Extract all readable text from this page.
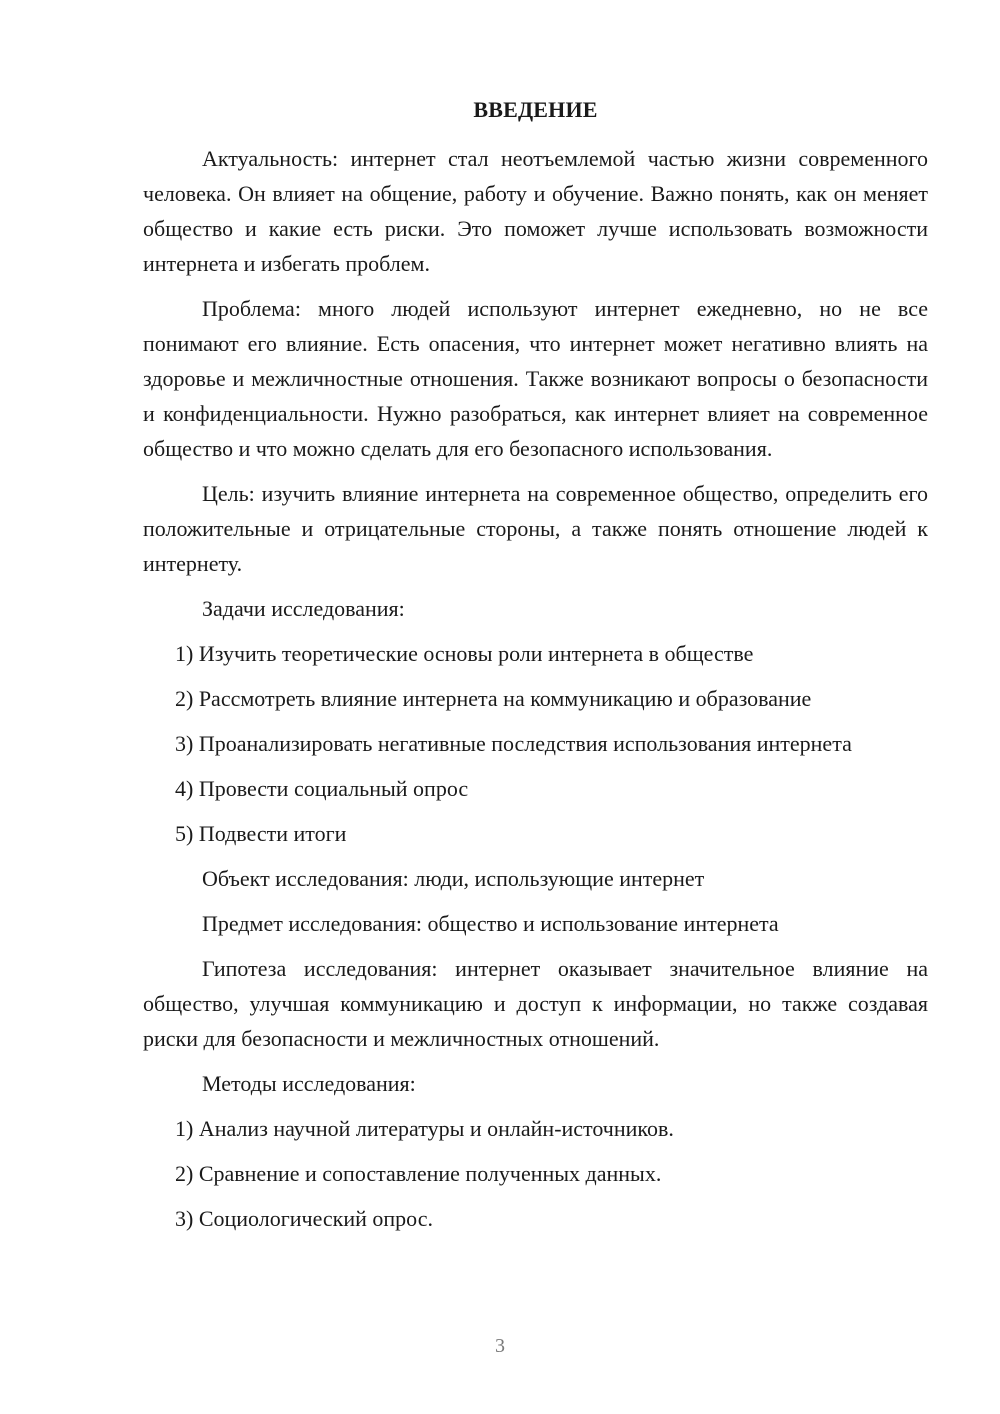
ВВЕДЕНИЕ

Актуальность: интернет стал неотъемлемой частью жизни современного человека. Он влияет на общение, работу и обучение. Важно понять, как он меняет общество и какие есть риски. Это поможет лучше использовать возможности интернета и избегать проблем.

Проблема: много людей используют интернет ежедневно, но не все понимают его влияние. Есть опасения, что интернет может негативно влиять на здоровье и межличностные отношения. Также возникают вопросы о безопасности и конфиденциальности. Нужно разобраться, как интернет влияет на современное общество и что можно сделать для его безопасного использования.

Цель: изучить влияние интернета на современное общество, определить его положительные и отрицательные стороны, а также понять отношение людей к интернету.

Задачи исследования:
1) Изучить теоретические основы роли интернета в обществе
2) Рассмотреть влияние интернета на коммуникацию и образование
3) Проанализировать негативные последствия использования интернета
4) Провести социальный опрос
5) Подвести итоги
Объект исследования: люди, использующие интернет
Предмет исследования: общество и использование интернета

Гипотеза исследования: интернет оказывает значительное влияние на общество, улучшая коммуникацию и доступ к информации, но также создавая риски для безопасности и межличностных отношений.

Методы исследования:
1) Анализ научной литературы и онлайн-источников.
2) Сравнение и сопоставление полученных данных.
3) Социологический опрос.
3
